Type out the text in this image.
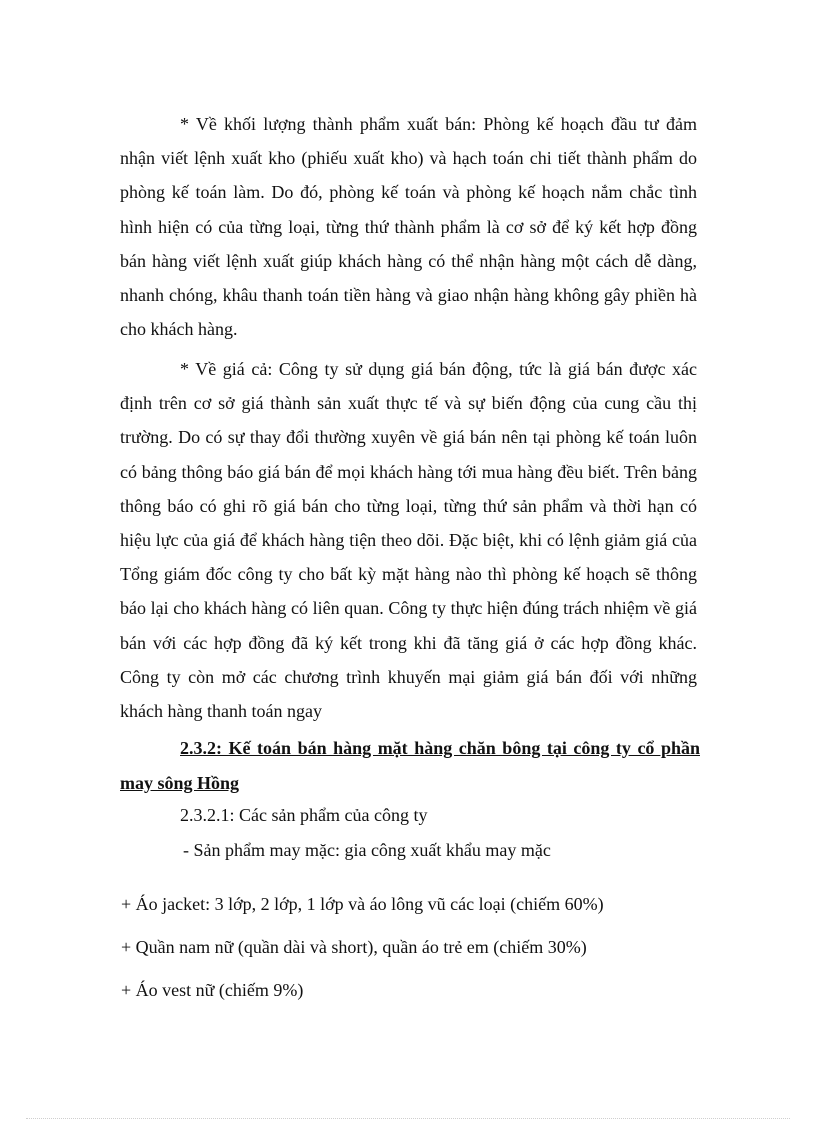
* Về khối lượng thành phẩm xuất bán: Phòng kế hoạch đầu tư đảm nhận viết lệnh xuất kho (phiếu xuất kho) và hạch toán chi tiết thành phẩm do phòng kế toán làm. Do đó, phòng kế toán và phòng kế hoạch nắm chắc tình hình hiện có của từng loại, từng thứ thành phẩm là cơ sở để ký kết hợp đồng bán hàng viết lệnh xuất giúp khách hàng có thể nhận hàng một cách dễ dàng, nhanh chóng, khâu thanh toán tiền hàng và giao nhận hàng không gây phiền hà cho khách hàng.

* Về giá cả: Công ty sử dụng giá bán động, tức là giá bán được xác định trên cơ sở giá thành sản xuất thực tế và sự biến động của cung cầu thị trường. Do có sự thay đổi thường xuyên về giá bán nên tại phòng kế toán luôn có bảng thông báo giá bán để mọi khách hàng tới mua hàng đều biết. Trên bảng thông báo có ghi rõ giá bán cho từng loại, từng thứ sản phẩm và thời hạn có hiệu lực của giá để khách hàng tiện theo dõi. Đặc biệt, khi có lệnh giảm giá của Tổng giám đốc công ty cho bất kỳ mặt hàng nào thì phòng kế hoạch sẽ thông báo lại cho khách hàng có liên quan. Công ty thực hiện đúng trách nhiệm về giá bán với các hợp đồng đã ký kết trong khi đã tăng giá ở các hợp đồng khác. Công ty còn mở các chương trình khuyến mại giảm giá bán đối với những khách hàng thanh toán ngay

2.3.2: Kế toán bán hàng mặt hàng chăn bông tại công ty cổ phần may sông Hồng

2.3.2.1: Các sản phẩm của công ty

- Sản phẩm may mặc: gia công xuất khẩu may mặc

+ Áo jacket: 3 lớp, 2 lớp, 1 lớp và áo lông vũ các loại (chiếm 60%)

+ Quần nam nữ (quần dài và short), quần áo trẻ em (chiếm 30%)

+ Áo vest nữ (chiếm 9%)
